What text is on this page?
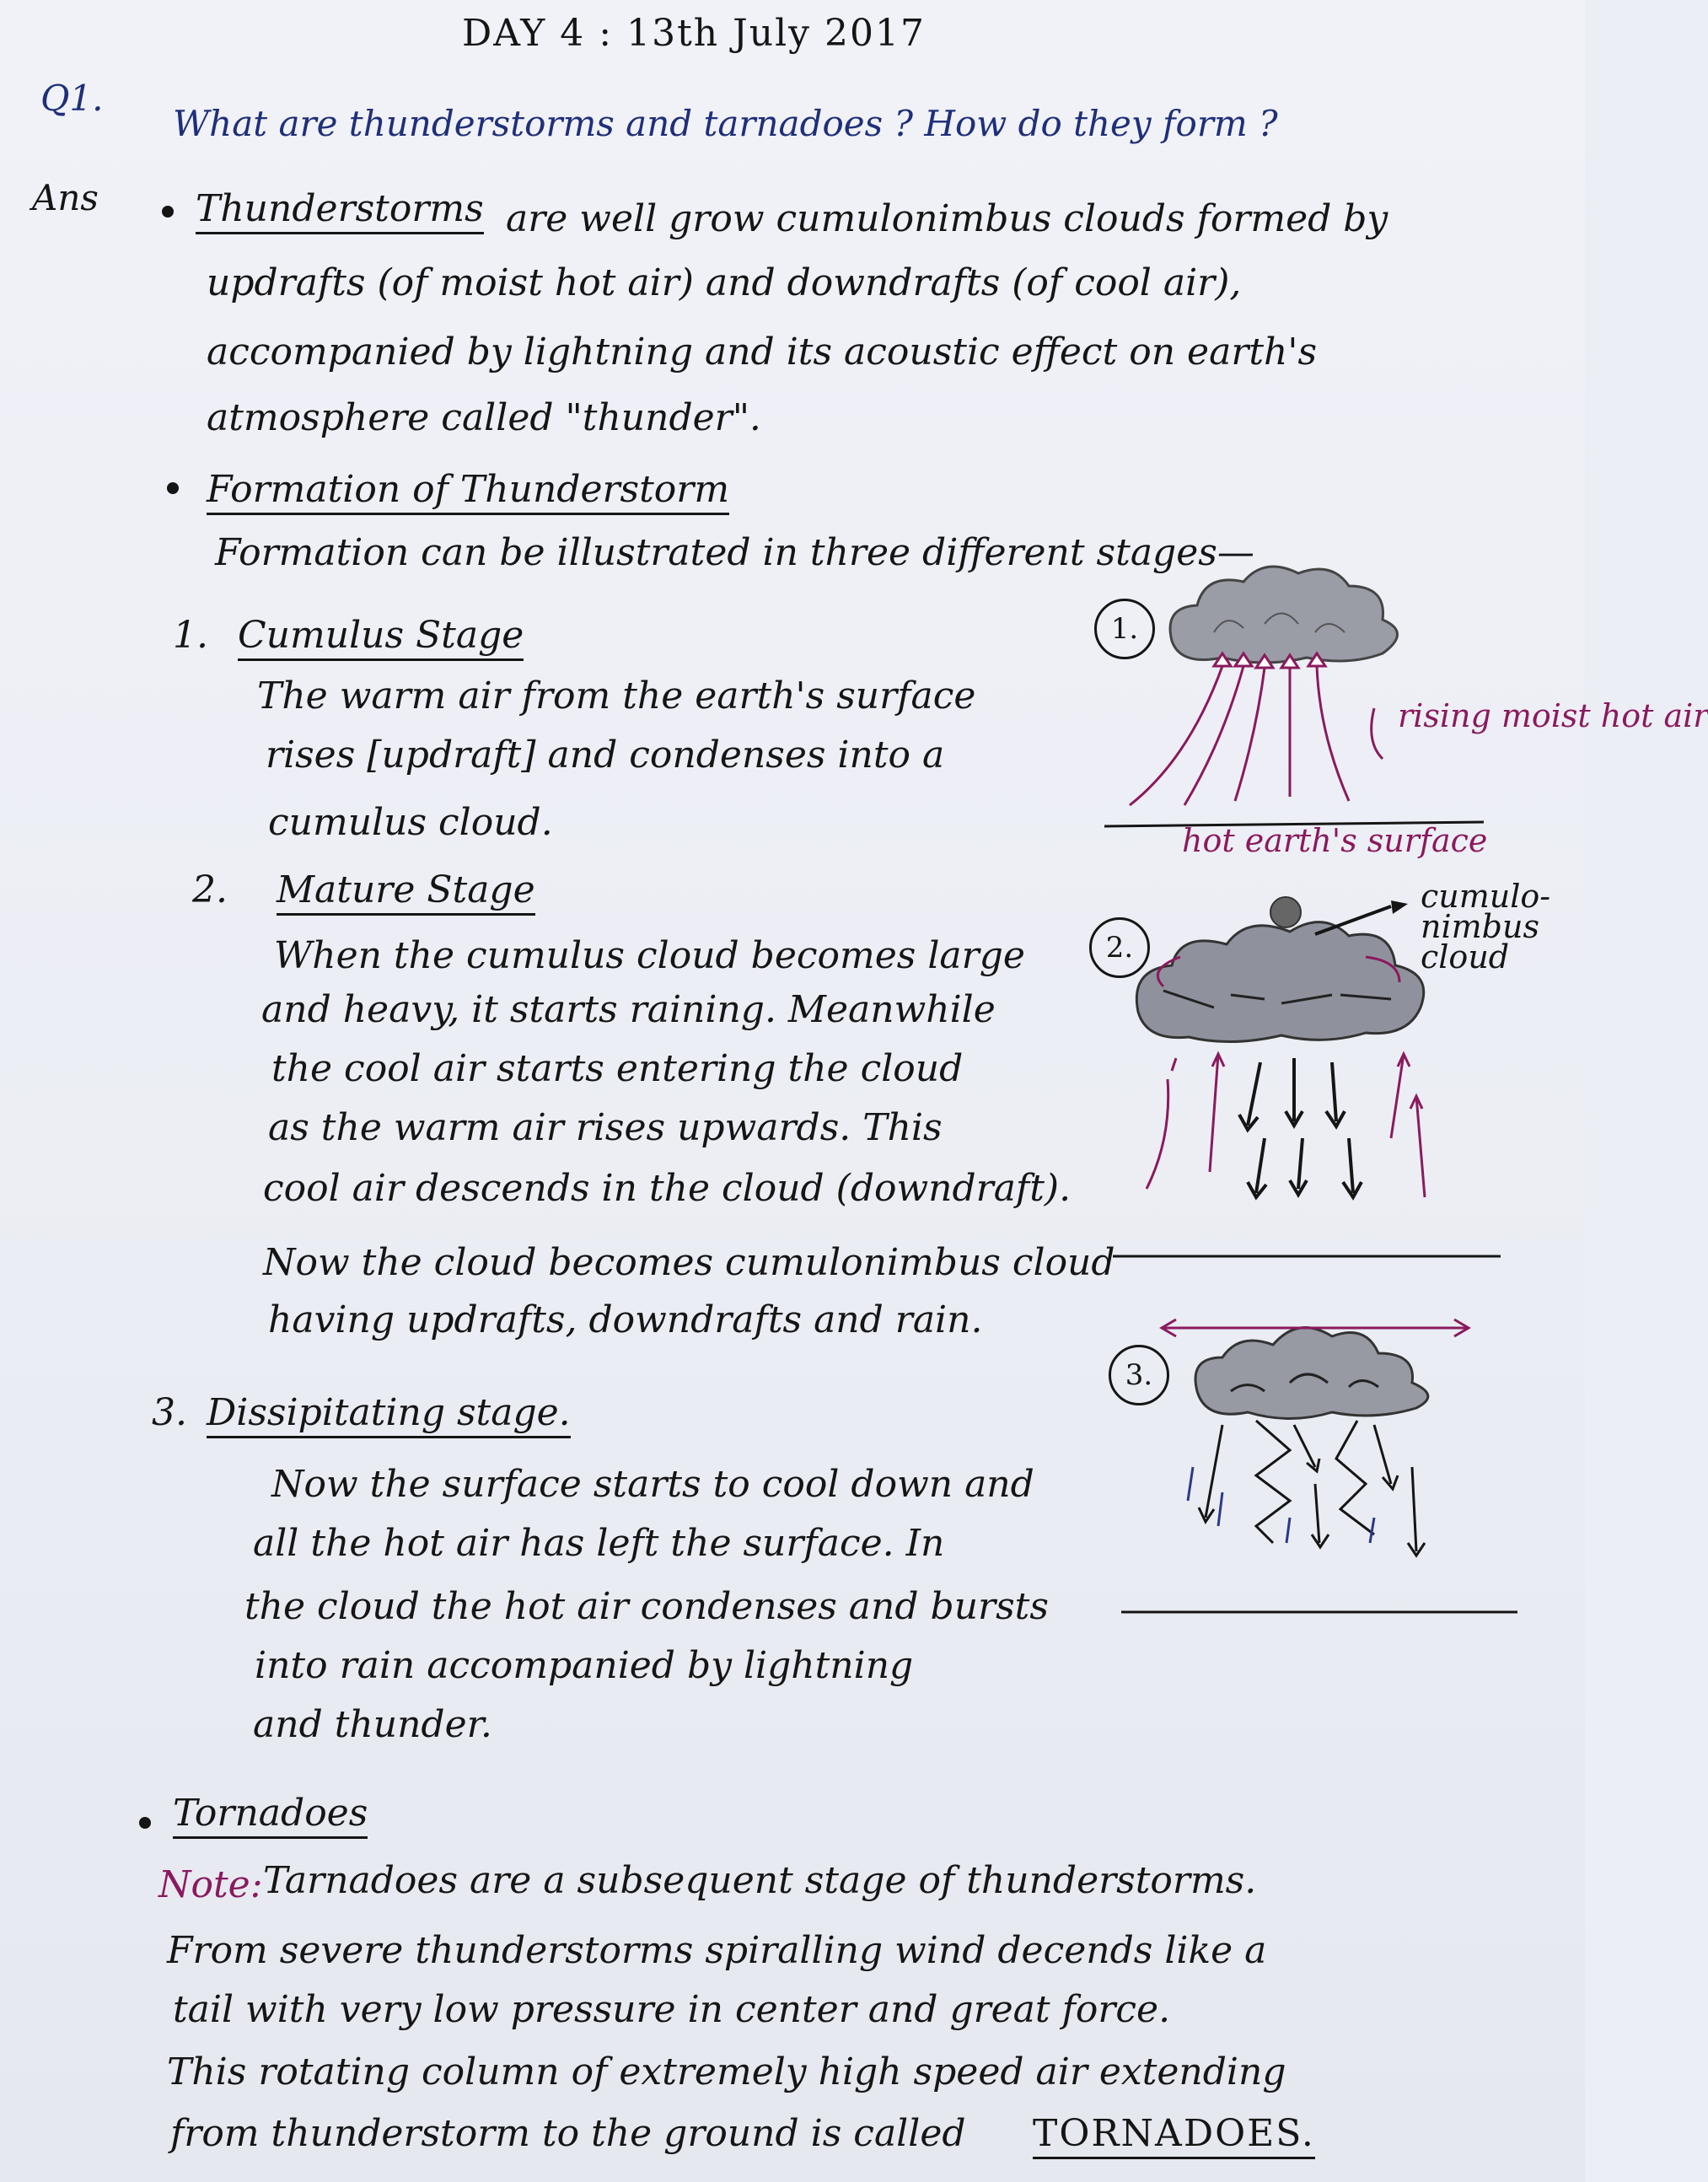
DAY 4 : 13th July 2017
Q1.
What are thunderstorms and tarnadoes ? How do they form ?
Ans	Thunderstorms are well grow cumulonimbus clouds formed by
updrafts (of moist hot air) and downdrafts (of cool air),
accompanied by lightning and its acoustic effect on earth's
atmosphere called "thunder".
Formation of Thunderstorm
Formation can be illustrated in three different stages—
1. Cumulus Stage
The warm air from the earth's surface
rises [updraft] and condenses into a
cumulus cloud.
2. Mature Stage
When the cumulus cloud becomes large
and heavy, it starts raining. Meanwhile
the cool air starts entering the cloud
as the warm air rises upwards. This
cool air descends in the cloud (downdraft).
Now the cloud becomes cumulonimbus cloud
having updrafts, downdrafts and rain.
3. Dissipitating stage.
Now the surface starts to cool down and
all the hot air has left the surface. In
the cloud the hot air condenses and bursts
into rain accompanied by lightning
and thunder.
Tornadoes
Note: Tarnadoes are a subsequent stage of thunderstorms.
From severe thunderstorms spiralling wind decends like a
tail with very low pressure in center and great force.
This rotating column of extremely high speed air extending
from thunderstorm to the ground is called TORNADOES.
1.
rising moist hot air
hot earth's surface
2.
cumulo-nimbus cloud
3.
